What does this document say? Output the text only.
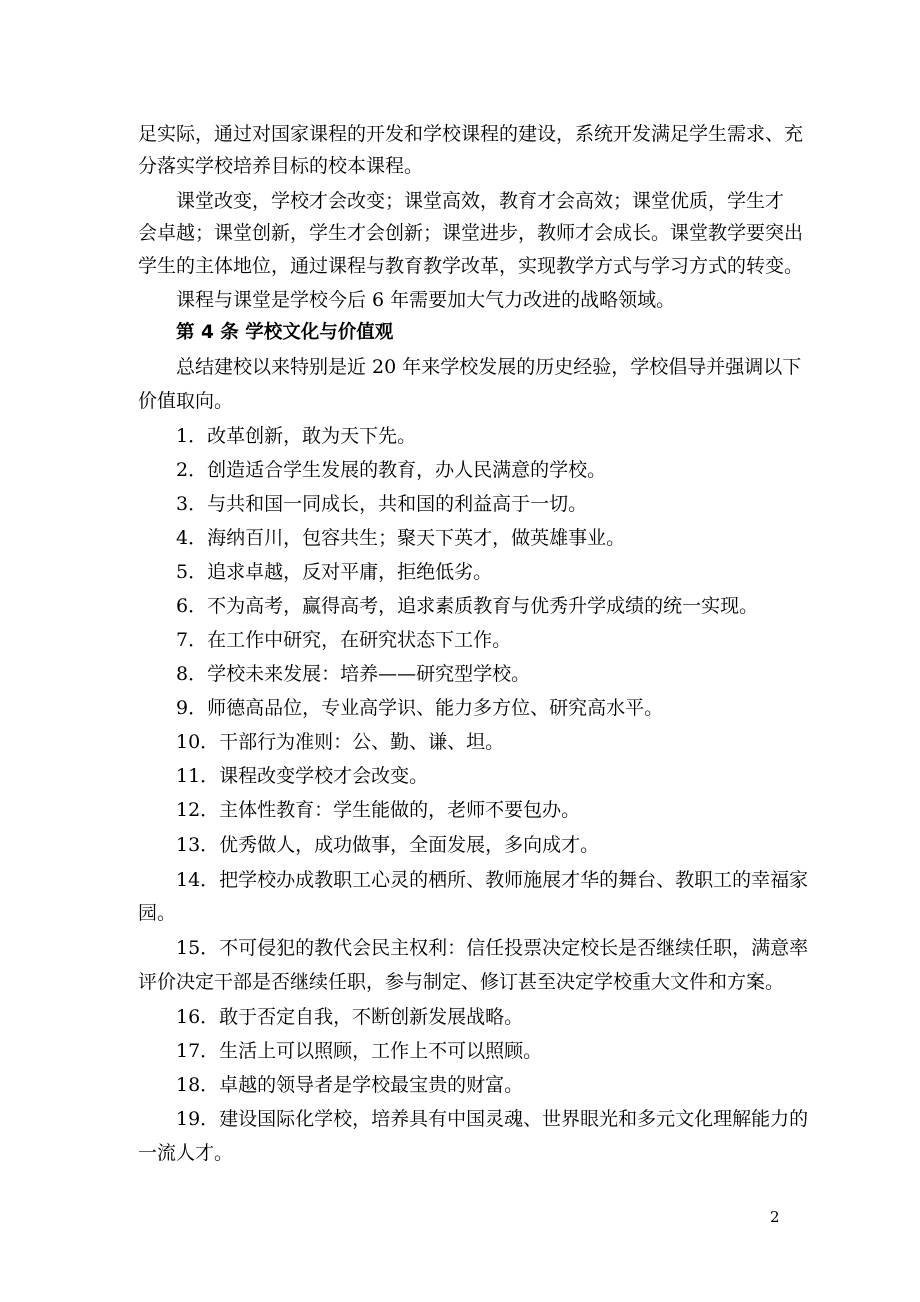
足实际，通过对国家课程的开发和学校课程的建设，系统开发满足学生需求、充
分落实学校培养目标的校本课程。
课堂改变，学校才会改变；课堂高效，教育才会高效；课堂优质，学生才
会卓越；课堂创新，学生才会创新；课堂进步，教师才会成长。课堂教学要突出
学生的主体地位，通过课程与教育教学改革，实现教学方式与学习方式的转变。
课程与课堂是学校今后 6 年需要加大气力改进的战略领域。
第 4 条 学校文化与价值观
总结建校以来特别是近 20 年来学校发展的历史经验，学校倡导并强调以下
价值取向。
1．改革创新，敢为天下先。
2．创造适合学生发展的教育，办人民满意的学校。
3．与共和国一同成长，共和国的利益高于一切。
4．海纳百川，包容共生；聚天下英才，做英雄事业。
5．追求卓越，反对平庸，拒绝低劣。
6．不为高考，赢得高考，追求素质教育与优秀升学成绩的统一实现。
7．在工作中研究，在研究状态下工作。
8．学校未来发展：培养——研究型学校。
9．师德高品位，专业高学识、能力多方位、研究高水平。
10．干部行为准则：公、勤、谦、坦。
11．课程改变学校才会改变。
12．主体性教育：学生能做的，老师不要包办。
13．优秀做人，成功做事，全面发展，多向成才。
14．把学校办成教职工心灵的栖所、教师施展才华的舞台、教职工的幸福家
园。
15．不可侵犯的教代会民主权利：信任投票决定校长是否继续任职，满意率
评价决定干部是否继续任职，参与制定、修订甚至决定学校重大文件和方案。
16．敢于否定自我，不断创新发展战略。
17．生活上可以照顾，工作上不可以照顾。
18．卓越的领导者是学校最宝贵的财富。
19．建设国际化学校，培养具有中国灵魂、世界眼光和多元文化理解能力的
一流人才。
2
